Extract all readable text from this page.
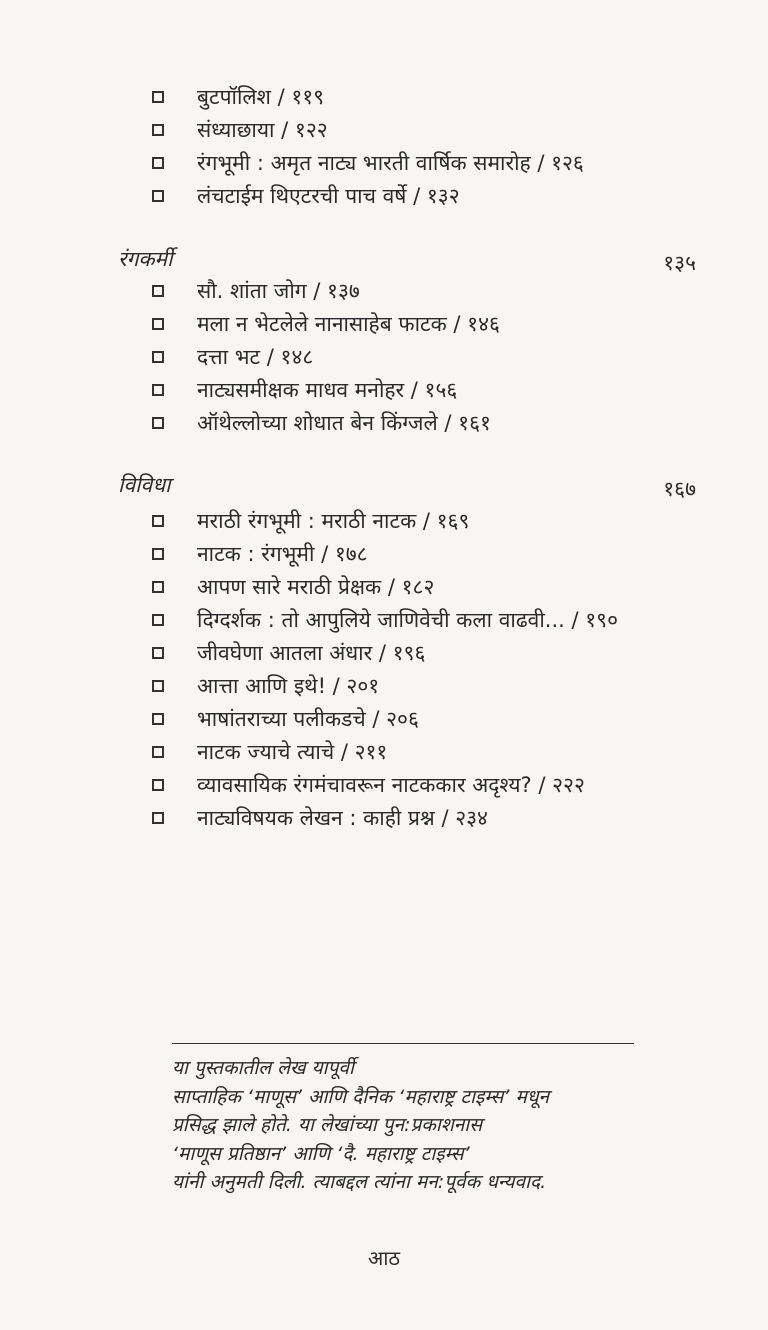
बुटपॉलिश / ११९
संध्याछाया / १२२
रंगभूमी : अमृत नाट्य भारती वार्षिक समारोह / १२६
लंचटाईम थिएटरची पाच वर्षे / १३२
रंगकर्मी	१३५
सौ. शांता जोग / १३७
मला न भेटलेले नानासाहेब फाटक / १४६
दत्ता भट / १४८
नाट्यसमीक्षक माधव मनोहर / १५६
ऑथेल्लोच्या शोधात बेन किंग्जले / १६१
विविधा	१६७
मराठी रंगभूमी : मराठी नाटक / १६९
नाटक : रंगभूमी / १७८
आपण सारे मराठी प्रेक्षक / १८२
दिग्दर्शक : तो आपुलिये जाणिवेची कला वाढवी... / १९०
जीवघेणा आतला अंधार / १९६
आत्ता आणि इथे! / २०१
भाषांतराच्या पलीकडचे / २०६
नाटक ज्याचे त्याचे / २११
व्यावसायिक रंगमंचावरून नाटककार अदृश्य? / २२२
नाट्यविषयक लेखन : काही प्रश्न / २३४
या पुस्तकातील लेख यापूर्वी
साप्ताहिक ‘माणूस’ आणि दैनिक ‘महाराष्ट्र टाइम्स’ मधून
प्रसिद्ध झाले होते. या लेखांच्या पुन:प्रकाशनास
‘माणूस प्रतिष्ठान’ आणि ‘दै. महाराष्ट्र टाइम्स’
यांनी अनुमती दिली. त्याबद्दल त्यांना मन:पूर्वक धन्यवाद.
आठ
